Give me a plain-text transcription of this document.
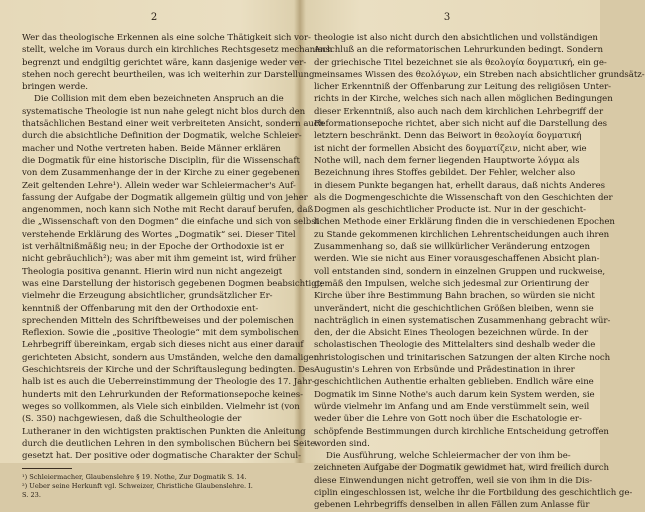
2
Wer das theologische Erkennen als eine solche Thätigkeit sich vor-
stellt, welche im Voraus durch ein kirchliches Rechtsgesetz mechanisch
begrenzt und endgiltig gerichtet wäre, kann dasjenige weder ver-
stehen noch gerecht beurtheilen, was ich weiterhin zur Darstellung
bringen werde.
Die Collision mit dem eben bezeichneten Anspruch an die
systematische Theologie ist nun nahe gelegt nicht blos durch den
thatsächlichen Bestand einer weit verbreiteten Ansicht, sondern auch
durch die absichtliche Definition der Dogmatik, welche Schleier-
macher und Nothe vertreten haben. Beide Männer erklären
die Dogmatik für eine historische Disciplin, für die Wissenschaft
von dem Zusammenhange der in der Kirche zu einer gegebenen
Zeit geltenden Lehre¹). Allein weder war Schleiermacher's Auf-
fassung der Aufgabe der Dogmatik allgemein gültig und von jeher
angenommen, noch kann sich Nothe mit Recht darauf berufen, daß
die „Wissenschaft von den Dogmen“ die einfache und sich von selbst
verstehende Erklärung des Wortes „Dogmatik“ sei. Dieser Titel
ist verhältnißmäßig neu; in der Epoche der Orthodoxie ist er
nicht gebräuchlich²); was aber mit ihm gemeint ist, wird früher
Theologia positiva genannt. Hierin wird nun nicht angezeigt
was eine Darstellung der historisch gegebenen Dogmen beabsichtigt;
vielmehr die Erzeugung absichtlicher, grundsätzlicher Er-
kenntniß der Offenbarung mit den der Orthodoxie ent-
sprechenden Mitteln des Schriftbeweises und der polemischen
Reflexion. Sowie die „positive Theologie“ mit dem symbolischen
Lehrbegriff übereinkam, ergab sich dieses nicht aus einer darauf
gerichteten Absicht, sondern aus Umständen, welche den damaligen
Geschichtsreis der Kirche und der Schriftauslegung bedingten. Des-
halb ist es auch die Ueberreinstimmung der Theologie des 17. Jahr-
hunderts mit den Lehrurkunden der Reformationsepoche keines-
weges so vollkommen, als Viele sich einbilden. Vielmehr ist (von
(S. 350) nachgewiesen, daß die Schultheologie der
Lutheraner in den wichtigsten praktischen Punkten die Anleitung
durch die deutlichen Lehren in den symbolischen Büchern bei Seite
gesetzt hat. Der positive oder dogmatische Charakter der Schul-
¹) Schleiermacher, Glaubenslehre § 19. Nothe, Zur Dogmatik S. 14.
²) Ueber seine Herkunft vgl. Schweizer, Christliche Glaubenslehre. I.
S. 23.
3
theologie ist also nicht durch den absichtlichen und vollständigen
Anschluß an die reformatorischen Lehrurkunden bedingt. Sondern
der griechische Titel bezeichnet sie als θεολογία δογματική, ein ge-
meinsames Wissen des θεολόγων, ein Streben nach absichtlicher grundsätz-
licher Erkenntniß der Offenbarung zur Leitung des religiösen Unter-
richts in der Kirche, welches sich nach allen möglichen Bedingungen
dieser Erkenntniß, also auch nach dem kirchlichen Lehrbegriff der
Reformationsepoche richtet, aber sich nicht auf die Darstellung des
letztern beschränkt. Denn das Beiwort in θεολογία δογματική
ist nicht der formellen Absicht des δογματίζειν, nicht aber, wie
Nothe will, nach dem ferner liegenden Hauptworte λόγμα als
Bezeichnung ihres Stoffes gebildet. Der Fehler, welcher also
in diesem Punkte begangen hat, erhellt daraus, daß nichts Anderes
als die Dogmengeschichte die Wissenschaft von den Geschichten der
Dogmen als geschichtlicher Producte ist. Nur in der geschicht-
lichen Methode einer Erklärung finden die in verschiedenen Epochen
zu Stande gekommenen kirchlichen Lehrentscheidungen auch ihren
Zusammenhang so, daß sie willkürlicher Veränderung entzogen
werden. Wie sie nicht aus Einer vorausgeschaffenen Absicht plan-
voll entstanden sind, sondern in einzelnen Gruppen und ruckweise,
gemäß den Impulsen, welche sich jedesmal zur Orientirung der
Kirche über ihre Bestimmung Bahn brachen, so würden sie nicht
unverändert, nicht die geschichtlichen Größen bleiben, wenn sie
nachträglich in einen systematischen Zusammenhang gebracht wür-
den, der die Absicht Eines Theologen bezeichnen würde. In der
scholastischen Theologie des Mittelalters sind deshalb weder die
christologischen und trinitarischen Satzungen der alten Kirche noch
Augustin's Lehren von Erbsünde und Prädestination in ihrer
geschichtlichen Authentie erhalten geblieben. Endlich wäre eine
Dogmatik im Sinne Nothe's auch darum kein System werden, sie
würde vielmehr im Anfang und am Ende verstümmelt sein, weil
weder über die Lehre von Gott noch über die Eschatologie er-
schöpfende Bestimmungen durch kirchliche Entscheidung getroffen
worden sind.
Die Ausführung, welche Schleiermacher der von ihm be-
zeichneten Aufgabe der Dogmatik gewidmet hat, wird freilich durch
diese Einwendungen nicht getroffen, weil sie von ihm in die Dis-
ciplin eingeschlossen ist, welche ihr die Fortbildung des geschichtlich ge-
gebenen Lehrbegriffs denselben in allen Fällen zum Anlasse für
